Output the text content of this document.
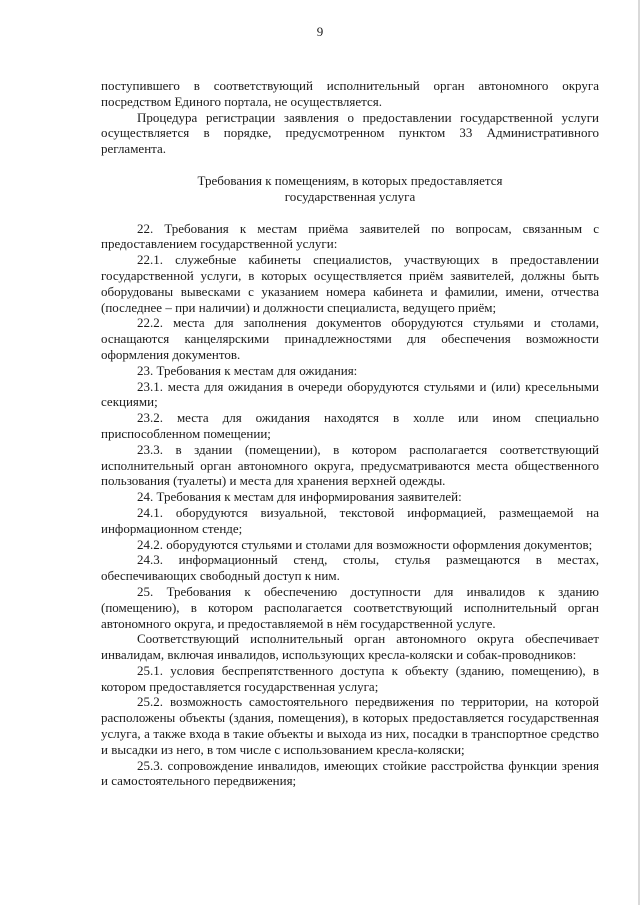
9

поступившего в соответствующий исполнительный орган автономного округа посредством Единого портала, не осуществляется.

Процедура регистрации заявления о предоставлении государственной услуги осуществляется в порядке, предусмотренном пунктом 33 Административного регламента.

Требования к помещениям, в которых предоставляется
государственная услуга

22. Требования к местам приёма заявителей по вопросам, связанным с предоставлением государственной услуги:

22.1. служебные кабинеты специалистов, участвующих в предоставлении государственной услуги, в которых осуществляется приём заявителей, должны быть оборудованы вывесками с указанием номера кабинета и фамилии, имени, отчества (последнее – при наличии) и должности специалиста, ведущего приём;

22.2. места для заполнения документов оборудуются стульями и столами, оснащаются канцелярскими принадлежностями для обеспечения возможности оформления документов.

23. Требования к местам для ожидания:

23.1. места для ожидания в очереди оборудуются стульями и (или) кресельными секциями;

23.2. места для ожидания находятся в холле или ином специально приспособленном помещении;

23.3. в здании (помещении), в котором располагается соответствующий исполнительный орган автономного округа, предусматриваются места общественного пользования (туалеты) и места для хранения верхней одежды.

24. Требования к местам для информирования заявителей:

24.1. оборудуются визуальной, текстовой информацией, размещаемой на информационном стенде;

24.2. оборудуются стульями и столами для возможности оформления документов;

24.3. информационный стенд, столы, стулья размещаются в местах, обеспечивающих свободный доступ к ним.

25. Требования к обеспечению доступности для инвалидов к зданию (помещению), в котором располагается соответствующий исполнительный орган автономного округа, и предоставляемой в нём государственной услуге.

Соответствующий исполнительный орган автономного округа обеспечивает инвалидам, включая инвалидов, использующих кресла-коляски и собак-проводников:

25.1. условия беспрепятственного доступа к объекту (зданию, помещению), в котором предоставляется государственная услуга;

25.2. возможность самостоятельного передвижения по территории, на которой расположены объекты (здания, помещения), в которых предоставляется государственная услуга, а также входа в такие объекты и выхода из них, посадки в транспортное средство и высадки из него, в том числе с использованием кресла-коляски;

25.3. сопровождение инвалидов, имеющих стойкие расстройства функции зрения и самостоятельного передвижения;
